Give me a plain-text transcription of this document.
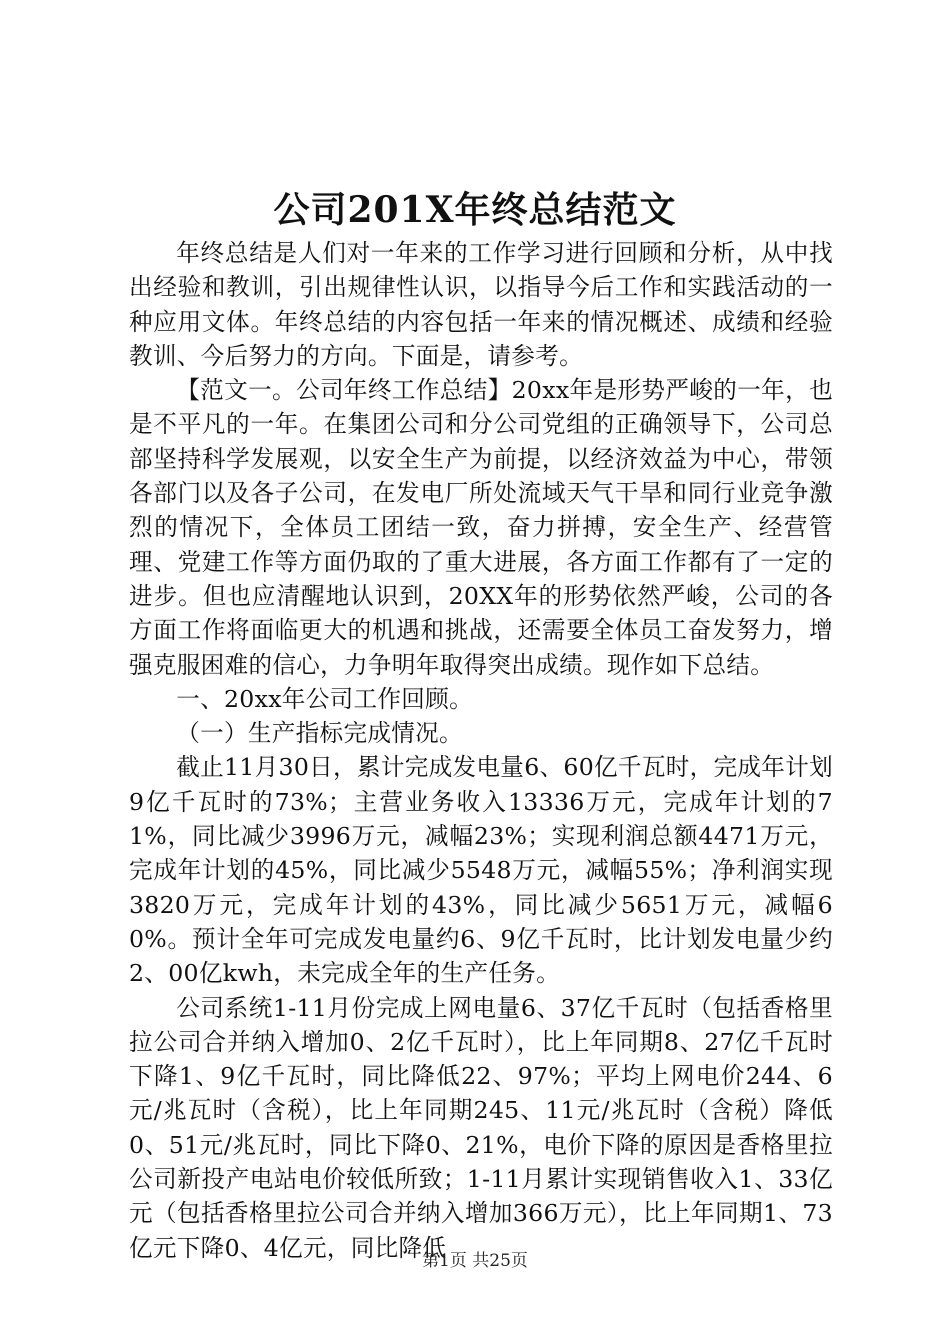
公司201X年终总结范文

年终总结是人们对一年来的工作学习进行回顾和分析，从中找出经验和教训，引出规律性认识，以指导今后工作和实践活动的一种应用文体。年终总结的内容包括一年来的情况概述、成绩和经验教训、今后努力的方向。下面是，请参考。

【范文一。公司年终工作总结】20xx年是形势严峻的一年，也是不平凡的一年。在集团公司和分公司党组的正确领导下，公司总部坚持科学发展观，以安全生产为前提，以经济效益为中心，带领各部门以及各子公司，在发电厂所处流域天气干旱和同行业竞争激烈的情况下，全体员工团结一致，奋力拼搏，安全生产、经营管理、党建工作等方面仍取的了重大进展，各方面工作都有了一定的进步。但也应清醒地认识到，20XX年的形势依然严峻，公司的各方面工作将面临更大的机遇和挑战，还需要全体员工奋发努力，增强克服困难的信心，力争明年取得突出成绩。现作如下总结。

一、20xx年公司工作回顾。

（一）生产指标完成情况。

截止11月30日，累计完成发电量6、60亿千瓦时，完成年计划9亿千瓦时的73%；主营业务收入13336万元，完成年计划的71%，同比减少3996万元，减幅23%；实现利润总额4471万元，完成年计划的45%，同比减少5548万元，减幅55%；净利润实现3820万元，完成年计划的43%，同比减少5651万元，减幅60%。预计全年可完成发电量约6、9亿千瓦时，比计划发电量少约2、00亿kwh，未完成全年的生产任务。

公司系统1-11月份完成上网电量6、37亿千瓦时（包括香格里拉公司合并纳入增加0、2亿千瓦时），比上年同期8、27亿千瓦时下降1、9亿千瓦时，同比降低22、97%；平均上网电价244、6元/兆瓦时（含税），比上年同期245、11元/兆瓦时（含税）降低0、51元/兆瓦时，同比下降0、21%，电价下降的原因是香格里拉公司新投产电站电价较低所致；1-11月累计实现销售收入1、33亿元（包括香格里拉公司合并纳入增加366万元），比上年同期1、73亿元下降0、4亿元，同比降低

第1页 共25页
